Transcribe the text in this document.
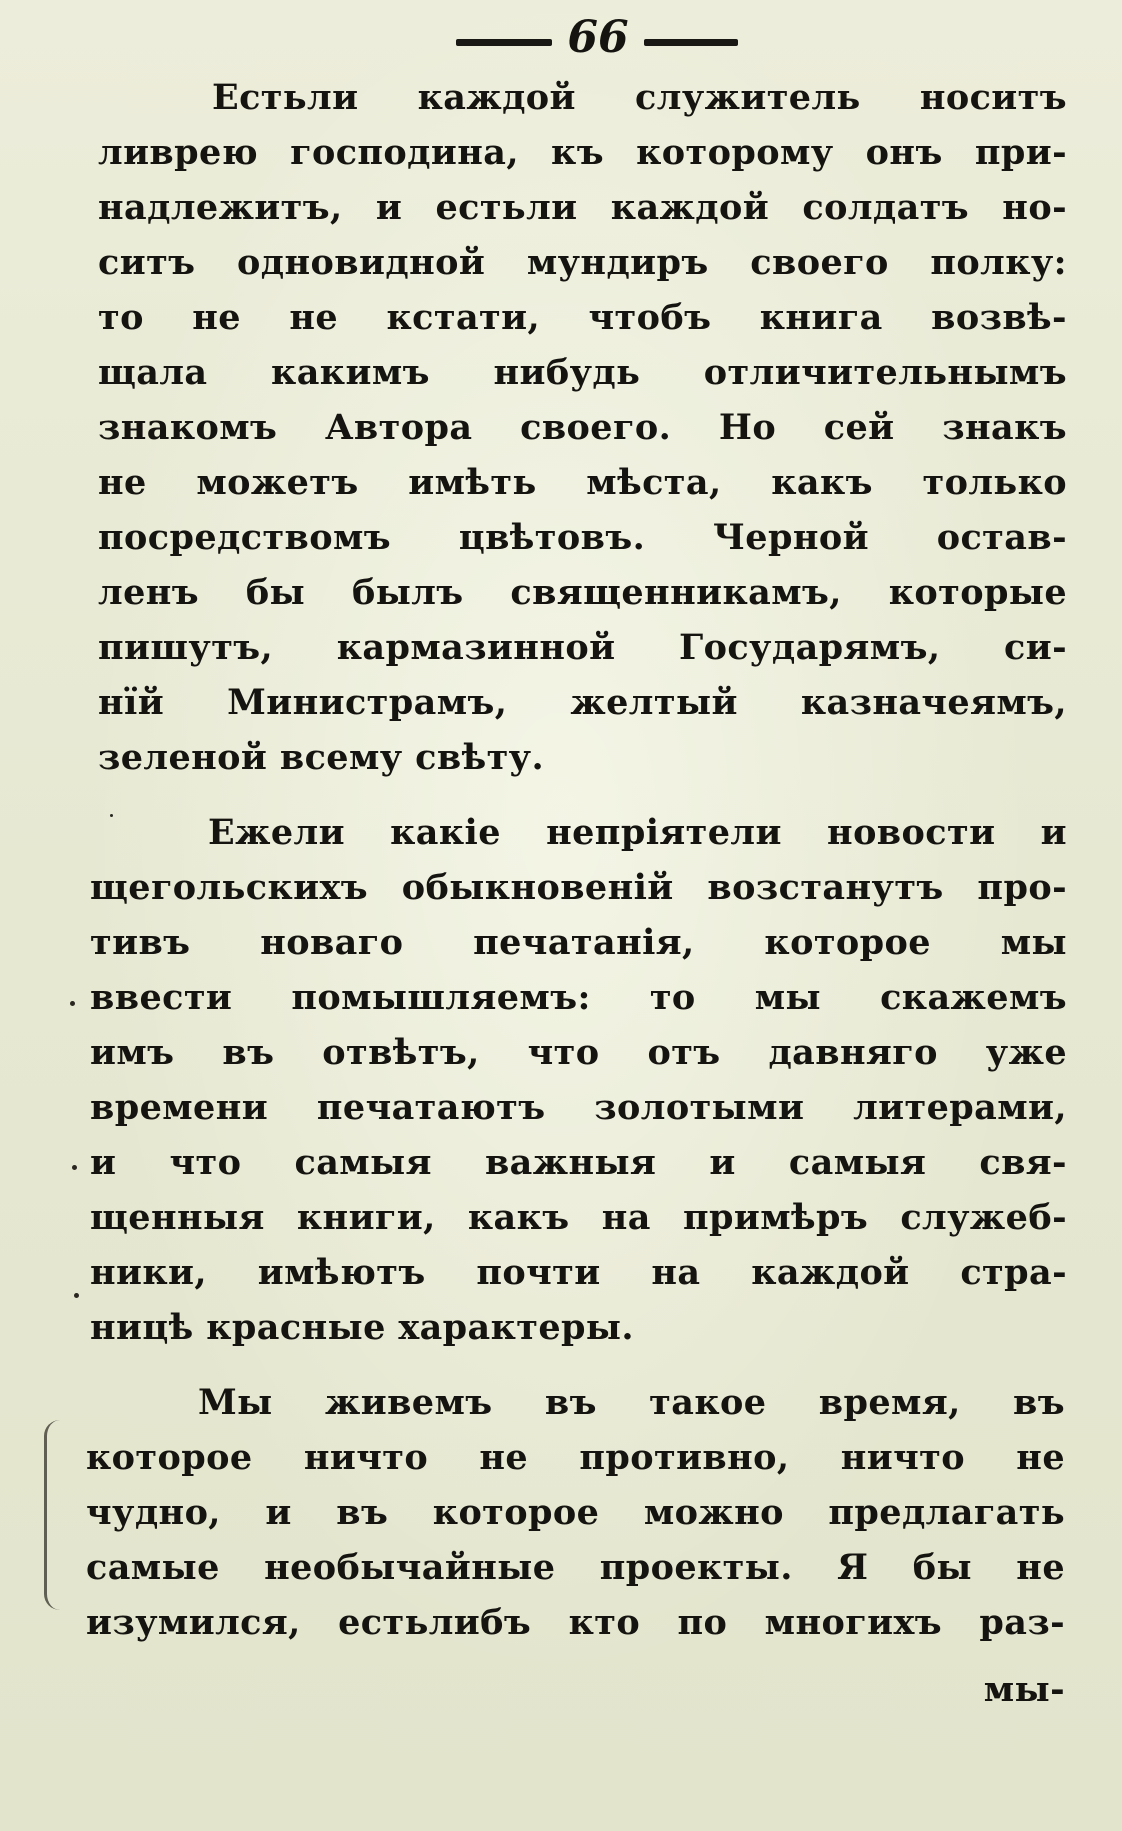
66
Естьли каждой служитель носитъ
ливрею господина, къ которому онъ при-
надлежитъ, и естьли каждой солдатъ но-
ситъ одновидной мундиръ своего полку:
то не не кстати, чтобъ книга возвѣ-
щала какимъ нибудь отличительнымъ
знакомъ Автора своего. Но сей знакъ
не можетъ имѣть мѣста, какъ только
посредствомъ цвѣтовъ. Черной остав-
ленъ бы былъ священникамъ, которые
пишутъ, кармазинной Государямъ, си-
нїй Министрамъ, желтый казначеямъ,
зеленой всему свѣту.
Ежели какіе непріятели новости и
щегольскихъ обыкновеній возстанутъ про-
тивъ новаго печатанія, которое мы
ввести помышляемъ: то мы скажемъ
имъ въ отвѣтъ, что отъ давняго уже
времени печатаютъ золотыми литерами,
и что самыя важныя и самыя свя-
щенныя книги, какъ на примѣръ служеб-
ники, имѣютъ почти на каждой стра-
ницѣ красные характеры.
Мы живемъ въ такое время, въ
которое ничто не противно, ничто не
чудно, и въ которое можно предлагать
самые необычайные проекты. Я бы не
изумился, естьлибъ кто по многихъ раз-
мы-
